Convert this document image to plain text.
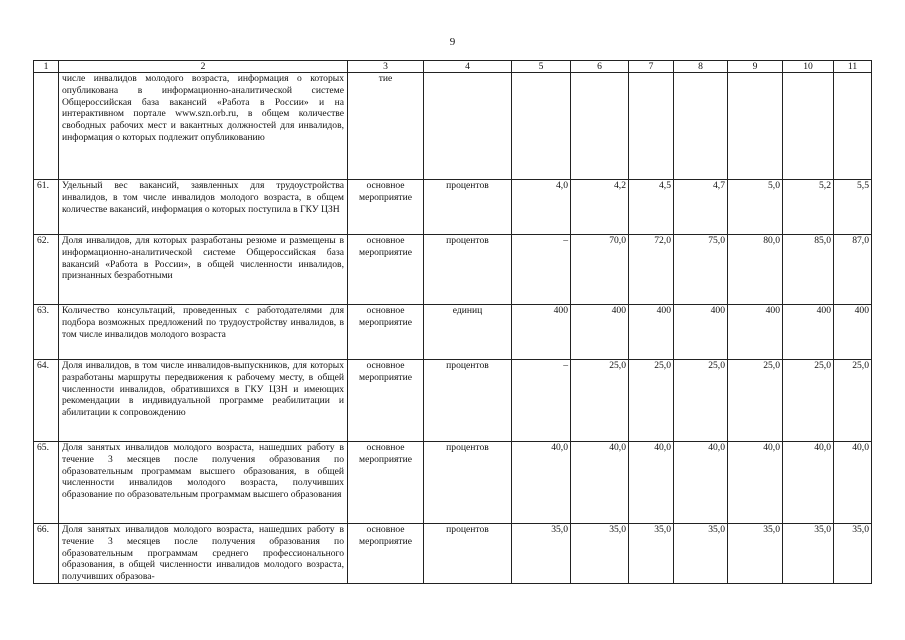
9
1	2	3	4	5	6	7	8	9	10	11
	числе инвалидов молодого возраста, информация о которых опубликована в информационно-аналитической системе Общероссийская база вакансий «Работа в России» и на интерактивном портале www.szn.orb.ru, в общем количестве свободных рабочих мест и вакантных должностей для инвалидов, информация о которых подлежит опубликованию	тие								
61.	Удельный вес вакансий, заявленных для трудоустройства инвалидов, в том числе инвалидов молодого возраста, в общем количестве вакансий, информация о которых поступила в ГКУ ЦЗН	основное мероприятие	процентов	4,0	4,2	4,5	4,7	5,0	5,2	5,5
62.	Доля инвалидов, для которых разработаны резюме и размещены в информационно-аналитической системе Общероссийская база вакансий «Работа в России», в общей численности инвалидов, признанных безработными	основное мероприятие	процентов	–	70,0	72,0	75,0	80,0	85,0	87,0
63.	Количество консультаций, проведенных с работодателями для подбора возможных предложений по трудоустройству инвалидов, в том числе инвалидов молодого возраста	основное мероприятие	единиц	400	400	400	400	400	400	400
64.	Доля инвалидов, в том числе инвалидов-выпускников, для которых разработаны маршруты передвижения к рабочему месту, в общей численности инвалидов, обратившихся в ГКУ ЦЗН и имеющих рекомендации в индивидуальной программе реабилитации и абилитации к сопровождению	основное мероприятие	процентов	–	25,0	25,0	25,0	25,0	25,0	25,0
65.	Доля занятых инвалидов молодого возраста, нашедших работу в течение 3 месяцев после получения образования по образовательным программам высшего образования, в общей численности инвалидов молодого возраста, получивших образование по образовательным программам высшего образования	основное мероприятие	процентов	40,0	40,0	40,0	40,0	40,0	40,0	40,0
66.	Доля занятых инвалидов молодого возраста, нашедших работу в течение 3 месяцев после получения образования по образовательным программам среднего профессионального образования, в общей численности инвалидов молодого возраста, получивших образова-	основное мероприятие	процентов	35,0	35,0	35,0	35,0	35,0	35,0	35,0
